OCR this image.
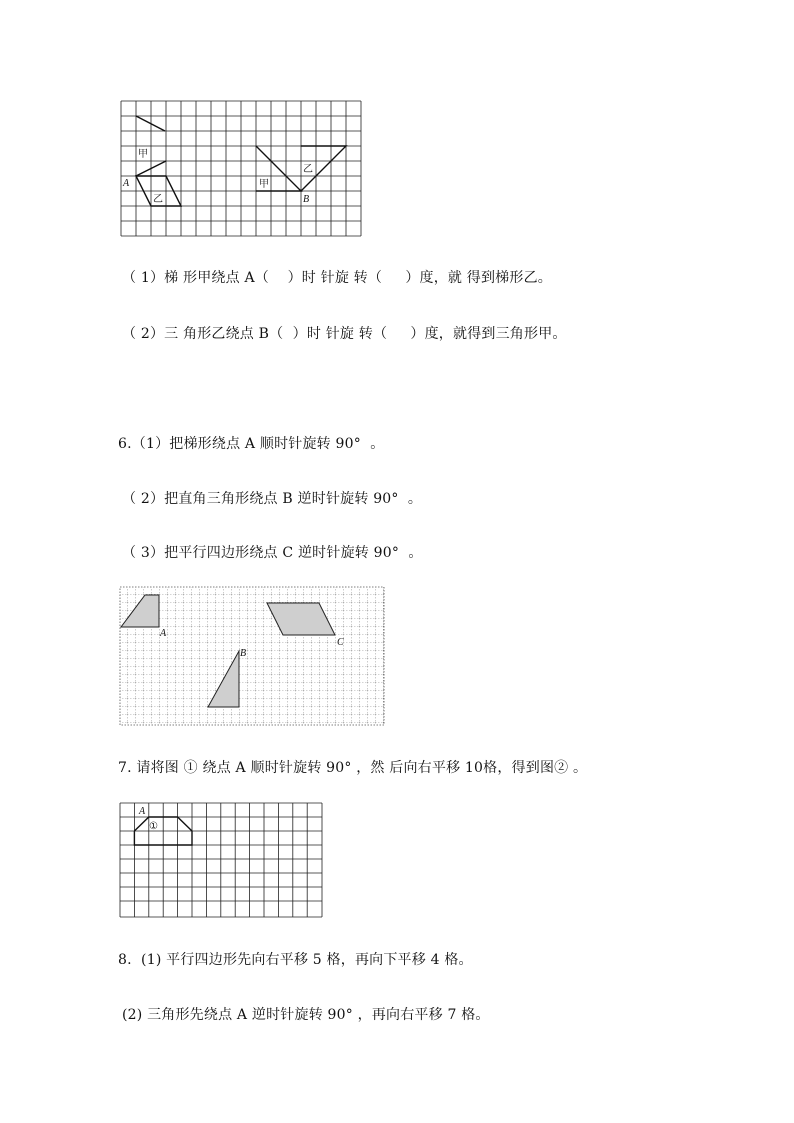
甲
乙
A	甲
乙
B
（ 1）梯 形甲绕点 A（    ）时 针旋 转（     ）度，就 得到梯形乙。
（ 2）三 角形乙绕点 B（  ）时 针旋 转（     ）度，就得到三角形甲。
6.（1）把梯形绕点 A 顺时针旋转 90°  。
（ 2）把直角三角形绕点 B 逆时针旋转 90°  。
（ 3）把平行四边形绕点 C 逆时针旋转 90°  。
A
B
C
7. 请将图 ① 绕点 A 顺时针旋转 90° ，然 后向右平移 10格，得到图② 。
A
①
8.  (1) 平行四边形先向右平移 5 格，再向下平移 4 格。
(2) 三角形先绕点 A 逆时针旋转 90° ，再向右平移 7 格。
